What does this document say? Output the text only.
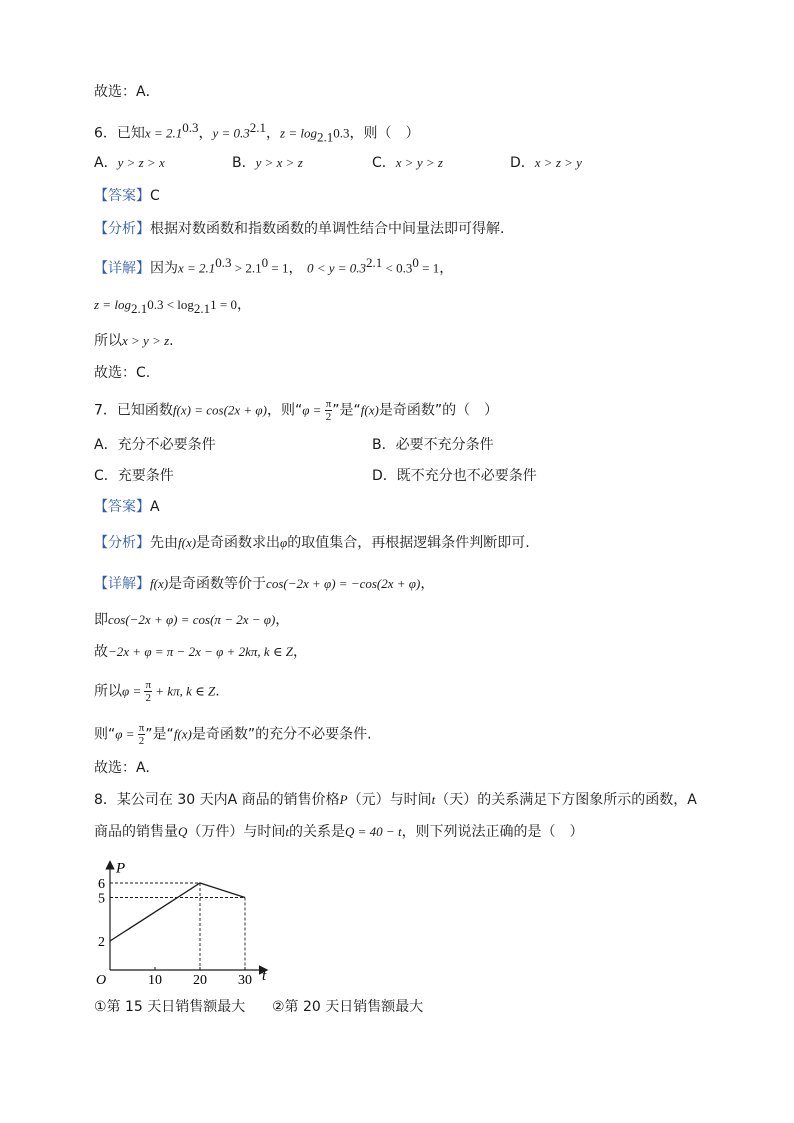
故选：A．
6．已知$x = 2.1^{0.3}$，$y = 0.3^{2.1}$，$z = \log_{2.1}0.3$，则（　）
A．y > z > x	B．y > x > z	C．x > y > z	D．x > z > y
【答案】C
【分析】根据对数函数和指数函数的单调性结合中间量法即可得解.
【详解】因为$x = 2.1^{0.3} > 2.1^0 = 1$， $0 < y = 0.3^{2.1} < 0.3^0 = 1$，
$z = \log_{2.1}0.3 < \log_{2.1}1 = 0$，
所以x > y > z.
故选：C.
7．已知函数f(x) = cos(2x + φ)，则“$\varphi = \frac{\pi}{2}$ ”是“f(x)是奇函数”的（　）
A．充分不必要条件	B．必要不充分条件
C．充要条件	D．既不充分也不必要条件
【答案】A
【分析】先由f(x)是奇函数求出φ的取值集合，再根据逻辑条件判断即可.
【详解】f(x)是奇函数等价于cos(−2x + φ) = −cos(2x + φ)，
即cos(−2x + φ) = cos(π − 2x − φ)，
故−2x + φ = π − 2x − φ + 2kπ, k ∈ Z，
所以$\varphi = \frac{\pi}{2} + k\pi$, k ∈ Z.
则“$\varphi = \frac{\pi}{2}$ ”是“f(x)是奇函数”的充分不必要条件.
故选：A.
8．某公司在 30 天内A 商品的销售价格P（元）与时间t（天）的关系满足下方图象所示的函数，A
商品的销售量Q（万件）与时间t的关系是Q = 40 − t，则下列说法正确的是（　）
P
t
O	10 20 30
2
5
6
①第 15 天日销售额最大 ②第 20 天日销售额最大
